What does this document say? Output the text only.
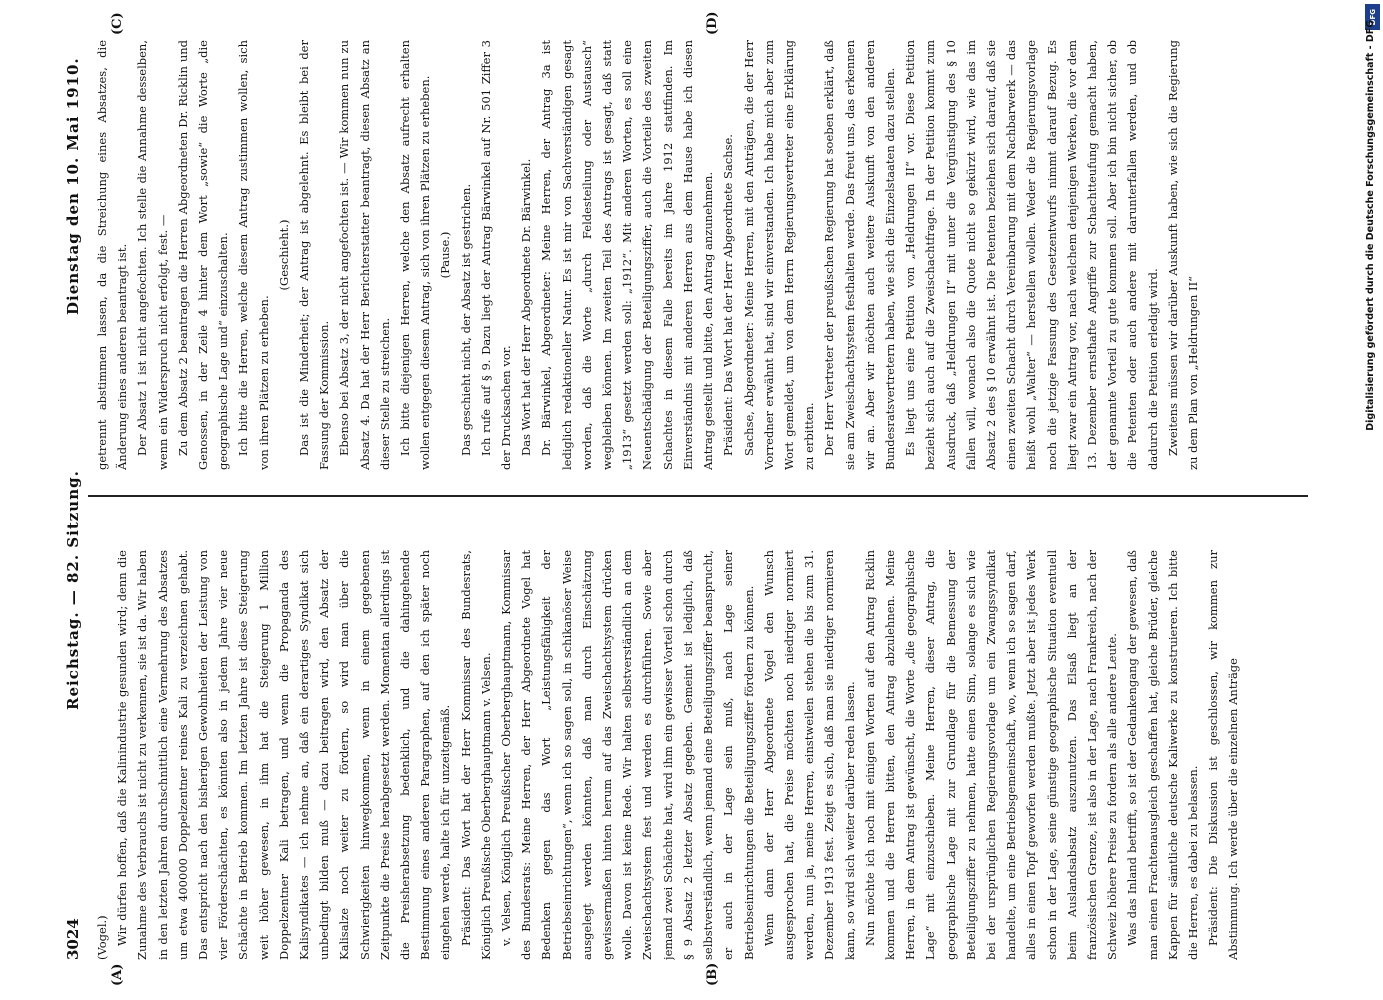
3024
Reichstag. — 82. Sitzung.
Dienstag den 10. Mai 1910.
(A)	(B)
(C)	(D)

(Vogel.) Wir dürfen hoffen, daß die Kalinindustrie gesunden wird; denn die Zunahme des Verbrauchs ist nicht zu verkennen, sie ist da. Wir haben in den letzten Jahren durchschnittlich eine Vermehrung des Absatzes um etwa 400000 Doppelzentner reines Kali zu verzeichnen gehabt. Das entspricht nach den bisherigen Gewohnheiten der Leistung von vier Förderschächten, es könnten also in jedem Jahre vier neue Schächte in Betrieb kommen. Im letzten Jahre ist diese Steigerung weit höher gewesen, in ihm hat die Steigerung 1 Million Doppelzentner Kali betragen, und wenn die Propaganda des Kalisyndikates — ich nehme an, daß ein derartiges Syndikat sich unbedingt bilden muß — dazu beitragen wird, den Absatz der Kalisalze noch weiter zu fördern, so wird man über die Schwierigkeiten hinwegkommen, wenn in einem gegebenen Zeitpunkte die Preise herabgesetzt werden. Momentan allerdings ist die Preisherabsetzung bedenklich, und die dahingehende Bestimmung eines anderen Paragraphen, auf den ich später noch eingehen werde, halte ich für unzeitgemäß. Präsident: Das Wort hat der Herr Kommissar des Bundesrats, Königlich Preußische Oberberghauptmann v. Velsen. v. Velsen, Königlich Preußischer Oberberghauptmann, Kommissar des Bundesrats: Meine Herren, der Herr Abgeordnete Vogel hat Bedenken gegen das Wort „Leistungsfähigkeit der Betriebseinrichtungen“, wenn ich so sagen soll, in schikanöser Weise ausgelegt werden könnten, daß man durch Einschätzung gewissermaßen hinten herum auf das Zweischachtsystem drücken wolle. Davon ist keine Rede. Wir halten selbstverständlich an dem Zweischachtsystem fest und werden es durchführen. Sowie aber jemand zwei Schächte hat, wird ihm ein gewisser Vorteil schon durch § 9 Absatz 2 letzter Absatz gegeben. Gemeint ist lediglich, daß selbstverständlich, wenn jemand eine Beteiligungsziffer beansprucht, er auch in der Lage sein muß, nach Lage seiner Betriebseinrichtungen die Beteiligungsziffer fördern zu können. Wenn dann der Herr Abgeordnete Vogel den Wunsch ausgesprochen hat, die Preise möchten noch niedriger normiert werden, nun ja, meine Herren, einstweilen stehen die bis zum 31. Dezember 1913 fest. Zeigt es sich, daß man sie niedriger normieren kann, so wird sich weiter darüber reden lassen. Nun möchte ich noch mit einigen Worten auf den Antrag Ricklin kommen und die Herren bitten, den Antrag abzulehnen. Meine Herren, in dem Antrag ist gewünscht, die Worte „die geographische Lage“ mit einzuschieben. Meine Herren, dieser Antrag, die geographische Lage mit zur Grundlage für die Bemessung der Beteiligungsziffer zu nehmen, hatte einen Sinn, solange es sich wie bei der ursprünglichen Regierungsvorlage um ein Zwangssyndikat handelte, um eine Betriebsgemeinschaft, wo, wenn ich so sagen darf, alles in einen Topf geworfen werden mußte. Jetzt aber ist jedes Werk schon in der Lage, seine günstige geographische Situation eventuell beim Auslandsabsatz auszunutzen. Das Elsaß liegt an der französischen Grenze, ist also in der Lage, nach Frankreich, nach der Schweiz höhere Preise zu fordern als alle andere Leute. Was das Inland betrifft, so ist der Gedankengang der gewesen, daß man einen Frachtenausgleich geschaffen hat, gleiche Brüder, gleiche Kappen für sämtliche deutsche Kaliwerke zu konstruieren. Ich bitte die Herren, es dabei zu belassen. Präsident: Die Diskussion ist geschlossen, wir kommen zur Abstimmung. Ich werde über die einzelnen Anträge

getrennt abstimmen lassen, da die Streichung eines Absatzes, die Änderung eines anderen beantragt ist. Der Absatz 1 ist nicht angefochten. Ich stelle die Annahme desselben, wenn ein Widerspruch nicht erfolgt, fest. — Zu dem Absatz 2 beantragen die Herren Abgeordneten Dr. Ricklin und Genossen, in der Zeile 4 hinter dem Wort „sowie“ die Worte „die geographische Lage und“ einzuschalten. Ich bitte die Herren, welche diesem Antrag zustimmen wollen, sich von ihren Plätzen zu erheben.

(Geschieht.) Das ist die Minderheit; der Antrag ist abgelehnt. Es bleibt bei der Fassung der Kommission. Ebenso bei Absatz 3, der nicht angefochten ist. — Wir kommen nun zu Absatz 4. Da hat der Herr Berichterstatter beantragt, diesen Absatz an dieser Stelle zu streichen. Ich bitte diejenigen Herren, welche den Absatz aufrecht erhalten wollen entgegen diesem Antrag, sich von ihren Plätzen zu erheben. (Pause.) Das geschieht nicht, der Absatz ist gestrichen. Ich rufe auf § 9. Dazu liegt der Antrag Bärwinkel auf Nr. 501 Ziffer 3 der Drucksachen vor. Das Wort hat der Herr Abgeordnete Dr. Bärwinkel. Dr. Bärwinkel, Abgeordneter: Meine Herren, der Antrag 3a ist lediglich redaktioneller Natur. Es ist mir von Sachverständigen gesagt worden, daß die Worte „durch Feldesteilung oder Austausch“ wegbleiben können. Im zweiten Teil des Antrags ist gesagt, daß statt „1913“ gesetzt werden soll: „1912“. Mit anderen Worten, es soll eine Neuentschädigung der Beteiligungsziffer, auch die Vorteile des zweiten Schachtes in diesem Falle bereits im Jahre 1912 stattfinden. Im Einverständnis mit anderen Herren aus dem Hause habe ich diesen Antrag gestellt und bitte, den Antrag anzunehmen. Präsident: Das Wort hat der Herr Abgeordnete Sachse. Sachse, Abgeordneter: Meine Herren, mit den Anträgen, die der Herr Vorredner erwähnt hat, sind wir einverstanden. Ich habe mich aber zum Wort gemeldet, um von dem Herrn Regierungsvertreter eine Erklärung zu erbitten. Der Herr Vertreter der preußischen Regierung hat soeben erklärt, daß sie am Zweischachtsystem festhalten werde. Das freut uns, das erkennen wir an. Aber wir möchten auch weitere Auskunft von den anderen Bundesratsvertretern haben, wie sich die Einzelstaaten dazu stellen. Es liegt uns eine Petition von „Heldrungen II“ vor. Diese Petition bezieht sich auch auf die Zweischachtfrage. In der Petition kommt zum Ausdruck, daß „Heldrungen II“ mit unter die Vergünstigung des § 10 fallen will, wonach also die Quote nicht so gekürzt wird, wie das im Absatz 2 des § 10 erwähnt ist. Die Petenten beziehen sich darauf, daß sie einen zweiten Schacht durch Vereinbarung mit dem Nachbarwerk — das heißt wohl „Walter“ — herstellen wollen. Weder die Regierungsvorlage noch die jetzige Fassung des Gesetzentwurfs nimmt darauf Bezug. Es liegt zwar ein Antrag vor, nach welchem denjenigen Werken, die vor dem 13. Dezember ernsthafte Angriffe zur Schachtteufung gemacht haben, der genannte Vorteil zu gute kommen soll. Aber ich bin nicht sicher, ob die Petenten oder auch andere mit darunterfallen werden, und ob dadurch die Petition erledigt wird. Zweitens müssen wir darüber Auskunft haben, wie sich die Regierung zu dem Plan von „Heldrungen II“

DFG
Digitalisierung gefördert durch die Deutsche Forschungsgemeinschaft - DFG
